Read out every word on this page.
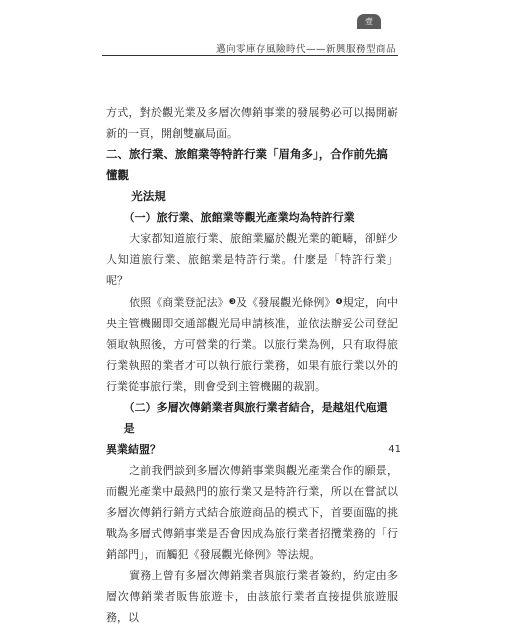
壹
邁向零庫存風險時代——新興服務型商品

方式，對於觀光業及多層次傳銷事業的發展勢必可以揭開嶄新的一頁，開創雙贏局面。

二、旅行業、旅館業等特許行業「眉角多」，合作前先搞懂觀
光法規
（一）旅行業、旅館業等觀光產業均為特許行業

大家都知道旅行業、旅館業屬於觀光業的範疇，卻鮮少人知道旅行業、旅館業是特許行業。什麼是「特許行業」呢？

依照《商業登記法》❸及《發展觀光條例》❹規定，向中央主管機關即交通部觀光局申請核准，並依法辦妥公司登記領取執照後，方可營業的行業。以旅行業為例，只有取得旅行業執照的業者才可以執行旅行業務，如果有旅行業以外的行業從事旅行業，則會受到主管機關的裁罰。

（二）多層次傳銷業者與旅行業者結合，是越俎代庖還是
異業結盟？

之前我們談到多層次傳銷事業與觀光產業合作的願景，而觀光產業中最熱門的旅行業又是特許行業，所以在嘗試以多層次傳銷行銷方式結合旅遊商品的模式下，首要面臨的挑戰為多層式傳銷事業是否會因成為旅行業者招攬業務的「行銷部門」，而觸犯《發展觀光條例》等法規。

實務上曾有多層次傳銷業者與旅行業者簽約，約定由多層次傳銷業者販售旅遊卡，由該旅行業者直接提供旅遊服務，以

41
